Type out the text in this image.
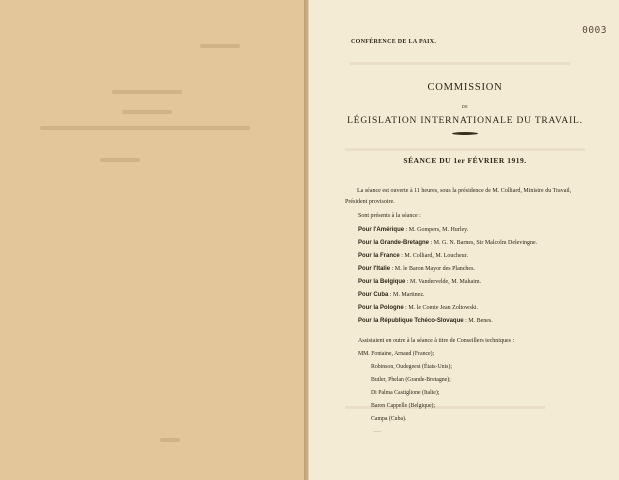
0003
CONFÉRENCE DE LA PAIX.
COMMISSION
DE
LÉGISLATION INTERNATIONALE DU TRAVAIL.
SÉANCE DU 1er FÉVRIER 1919.
La séance est ouverte à 11 heures, sous la présidence de M. Colliard, Ministre du Travail, Président provisoire.
Sont présents à la séance :
Pour l'Amérique : M. Gompers, M. Hurley.
Pour la Grande-Bretagne : M. G. N. Barnes, Sir Malcolm Delevingne.
Pour la France : M. Colliard, M. Loucheur.
Pour l'Italie : M. le Baron Mayor des Planches.
Pour la Belgique : M. Vandervelde, M. Mahaim.
Pour Cuba : M. Martinez.
Pour la Pologne : M. le Comte Jean Zoltowski.
Pour la République Tchéco-Slovaque : M. Benes.
Assistaient en outre à la séance à titre de Conseillers techniques :
MM. Fontaine, Arnaud (France);
Robinson, Oudegeest (États-Unis);
Butler, Phelan (Grande-Bretagne);
Di Palma Castiglione (Italie);
Baron Cappelle (Belgique);
Campa (Cuba).
........
